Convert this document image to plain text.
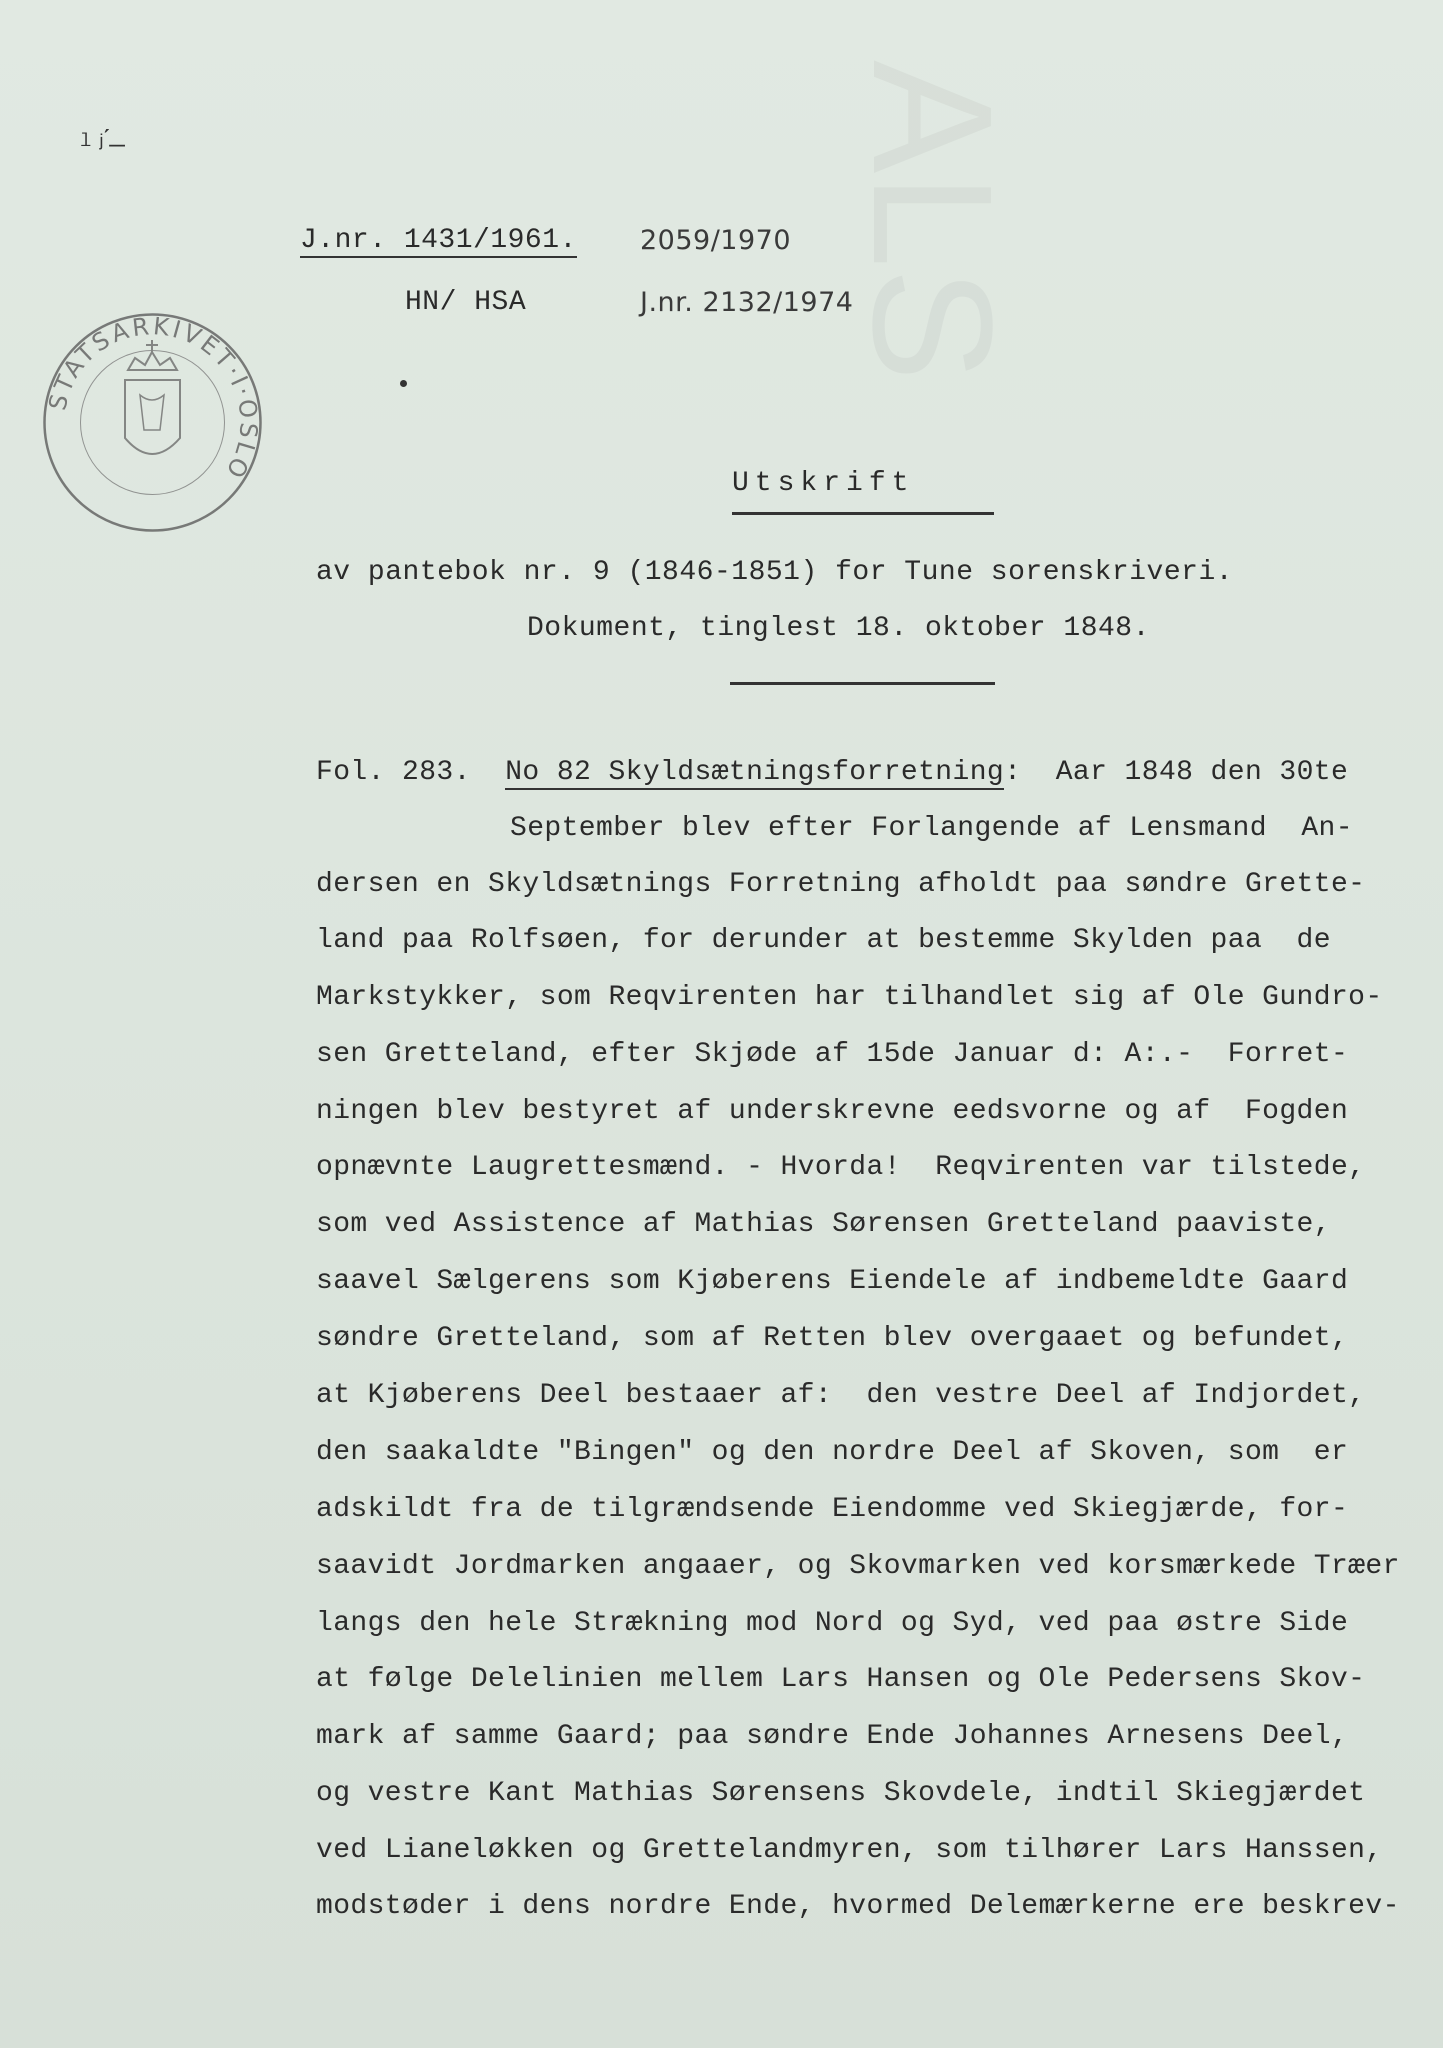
ALS
ˡʲ́—
J.nr. 1431/1961. 2059/1970
HN/ HSA	J.nr. 2132/1974
STATSARKIVET·I·OSLO	Utskrift
av pantebok nr. 9 (1846-1851) for Tune sorenskriveri.
Dokument, tinglest 18. oktober 1848.
Fol. 283. No 82 Skyldsætningsforretning:  Aar 1848 den 30te
September blev efter Forlangende af Lensmand  An-
dersen en Skyldsætnings Forretning afholdt paa søndre Grette-
land paa Rolfsøen, for derunder at bestemme Skylden paa  de
Markstykker, som Reqvirenten har tilhandlet sig af Ole Gundro-
sen Gretteland, efter Skjøde af 15de Januar d: A:.-  Forret-
ningen blev bestyret af underskrevne eedsvorne og af  Fogden
opnævnte Laugrettesmænd. - Hvorda!  Reqvirenten var tilstede,
som ved Assistence af Mathias Sørensen Gretteland paaviste,
saavel Sælgerens som Kjøberens Eiendele af indbemeldte Gaard
søndre Gretteland, som af Retten blev overgaaet og befundet,
at Kjøberens Deel bestaaer af:  den vestre Deel af Indjordet,
den saakaldte "Bingen" og den nordre Deel af Skoven, som  er
adskildt fra de tilgrændsende Eiendomme ved Skiegjærde, for-
saavidt Jordmarken angaaer, og Skovmarken ved korsmærkede Træer
langs den hele Strækning mod Nord og Syd, ved paa østre Side
at følge Delelinien mellem Lars Hansen og Ole Pedersens Skov-
mark af samme Gaard; paa søndre Ende Johannes Arnesens Deel,
og vestre Kant Mathias Sørensens Skovdele, indtil Skiegjærdet
ved Lianeløkken og Grettelandmyren, som tilhører Lars Hanssen,
modstøder i dens nordre Ende, hvormed Delemærkerne ere beskrev-
